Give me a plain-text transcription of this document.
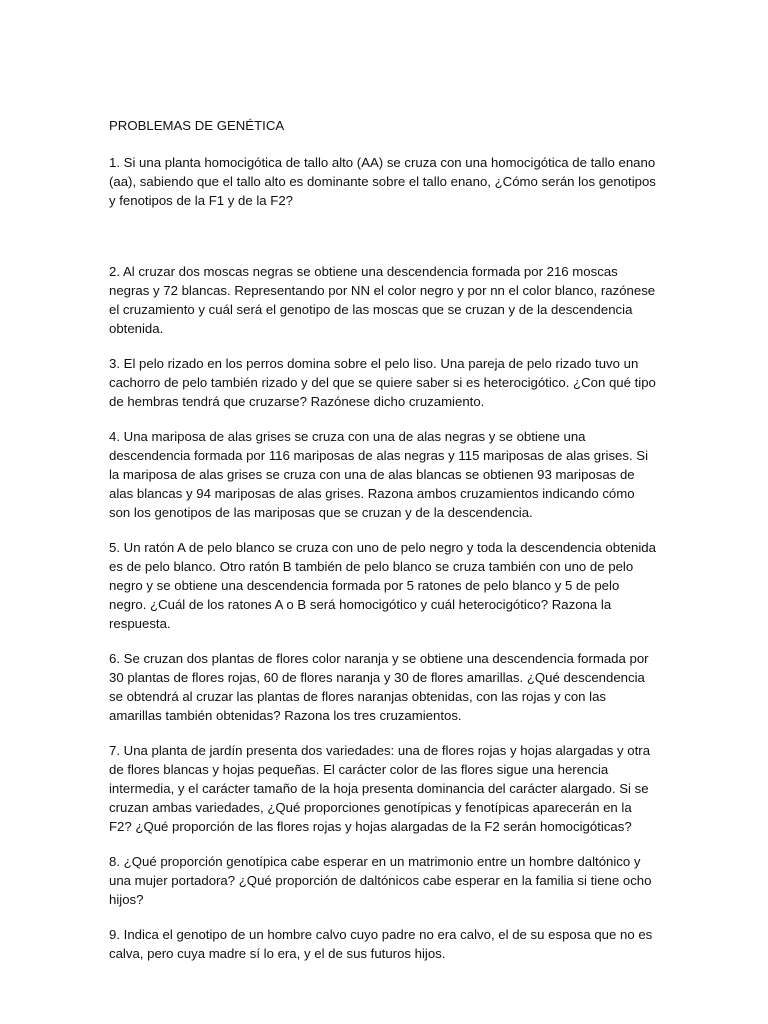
PROBLEMAS DE GENÉTICA
1. Si una planta homocigótica de tallo alto (AA) se cruza con una homocigótica de tallo enano (aa), sabiendo que el tallo alto es dominante sobre el tallo enano, ¿Cómo serán los genotipos y fenotipos de la F1 y de la F2?
2. Al cruzar dos moscas negras se obtiene una descendencia formada por 216 moscas negras y 72 blancas. Representando por NN el color negro y por nn el color blanco, razónese el cruzamiento y cuál será el genotipo de las moscas que se cruzan y de la descendencia obtenida.
3. El pelo rizado en los perros domina sobre el pelo liso. Una pareja de pelo rizado tuvo un cachorro de pelo también rizado y del que se quiere saber si es heterocigótico. ¿Con qué tipo de hembras tendrá que cruzarse? Razónese dicho cruzamiento.
4. Una mariposa de alas grises se cruza con una de alas negras y se obtiene una descendencia formada por 116 mariposas de alas negras y 115 mariposas de alas grises. Si la mariposa de alas grises se cruza con una de alas blancas se obtienen 93 mariposas de alas blancas y 94 mariposas de alas grises. Razona ambos cruzamientos indicando cómo son los genotipos de las mariposas que se cruzan y de la descendencia.
5. Un ratón A de pelo blanco se cruza con uno de pelo negro y toda la descendencia obtenida es de pelo blanco. Otro ratón B también de pelo blanco se cruza también con uno de pelo negro y se obtiene una descendencia formada por 5 ratones de pelo blanco y 5 de pelo negro. ¿Cuál de los ratones A o B será homocigótico y cuál heterocigótico? Razona la respuesta.
6. Se cruzan dos plantas de flores color naranja y se obtiene una descendencia formada por 30 plantas de flores rojas, 60 de flores naranja y 30 de flores amarillas. ¿Qué descendencia se obtendrá al cruzar las plantas de flores naranjas obtenidas, con las rojas y con las amarillas también obtenidas? Razona los tres cruzamientos.
7. Una planta de jardín presenta dos variedades: una de flores rojas y hojas alargadas y otra de flores blancas y hojas pequeñas. El carácter color de las flores sigue una herencia intermedia, y el carácter tamaño de la hoja presenta dominancia del carácter alargado. Si se cruzan ambas variedades, ¿Qué proporciones genotípicas y fenotípicas aparecerán en la F2? ¿Qué proporción de las flores rojas y hojas alargadas de la F2 serán homocigóticas?
8. ¿Qué proporción genotípica cabe esperar en un matrimonio entre un hombre daltónico y una mujer portadora? ¿Qué proporción de daltónicos cabe esperar en la familia si tiene ocho hijos?
9. Indica el genotipo de un hombre calvo cuyo padre no era calvo, el de su esposa que no es calva, pero cuya madre sí lo era, y el de sus futuros hijos.
